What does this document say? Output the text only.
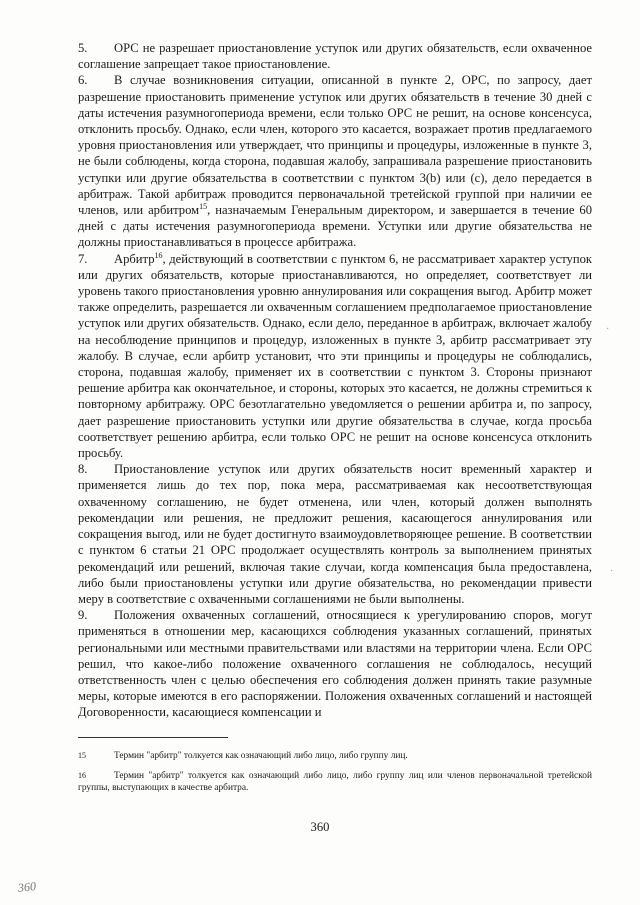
5. ОРС не разрешает приостановление уступок или других обязательств, если охваченное соглашение запрещает такое приостановление.

6. В случае возникновения ситуации, описанной в пункте 2, ОРС, по запросу, дает разрешение приостановить применение уступок или других обязательств в течение 30 дней с даты истечения разумногопериода времени, если только ОРС не решит, на основе консенсуса, отклонить просьбу. Однако, если член, которого это касается, возражает против предлагаемого уровня приостановления или утверждает, что принципы и процедуры, изложенные в пункте 3, не были соблюдены, когда сторона, подавшая жалобу, запрашивала разрешение приостановить уступки или другие обязательства в соответствии с пунктом 3(b) или (с), дело передается в арбитраж. Такой арбитраж проводится первоначальной третейской группой при наличии ее членов, или арбитром$^{15}$, назначаемым Генеральным директором, и завершается в течение 60 дней с даты истечения разумногопериода времени. Уступки или другие обязательства не должны приостанавливаться в процессе арбитража.

7. Арбитр$^{16}$, действующий в соответствии с пунктом 6, не рассматривает характер уступок или других обязательств, которые приостанавливаются, но определяет, соответствует ли уровень такого приостановления уровню аннулирования или сокращения выгод. Арбитр может также определить, разрешается ли охваченным соглашением предполагаемое приостановление уступок или других обязательств. Однако, если дело, переданное в арбитраж, включает жалобу на несоблюдение принципов и процедур, изложенных в пункте 3, арбитр рассматривает эту жалобу. В случае, если арбитр установит, что эти принципы и процедуры не соблюдались, сторона, подавшая жалобу, применяет их в соответствии с пунктом 3. Стороны признают решение арбитра как окончательное, и стороны, которых это касается, не должны стремиться к повторному арбитражу. ОРС безотлагательно уведомляется о решении арбитра и, по запросу, дает разрешение приостановить уступки или другие обязательства в случае, когда просьба соответствует решению арбитра, если только ОРС не решит на основе консенсуса отклонить просьбу.

8. Приостановление уступок или других обязательств носит временный характер и применяется лишь до тех пор, пока мера, рассматриваемая как несоответствующая охваченному соглашению, не будет отменена, или член, который должен выполнять рекомендации или решения, не предложит решения, касающегося аннулирования или сокращения выгод, или не будет достигнуто взаимоудовлетворяющее решение. В соответствии с пунктом 6 статьи 21 ОРС продолжает осуществлять контроль за выполнением принятых рекомендаций или решений, включая такие случаи, когда компенсация была предоставлена, либо были приостановлены уступки или другие обязательства, но рекомендации привести меру в соответствие с охваченными соглашениями не были выполнены.

9. Положения охваченных соглашений, относящиеся к урегулированию споров, могут применяться в отношении мер, касающихся соблюдения указанных соглашений, принятых региональными или местными правительствами или властями на территории члена. Если ОРС решил, что какое-либо положение охваченного соглашения не соблюдалось, несущий ответственность член с целью обеспечения его соблюдения должен принять такие разумные меры, которые имеются в его распоряжении. Положения охваченных соглашений и настоящей Договоренности, касающиеся компенсации и

15	Термин "арбитр" толкуется как означающий либо лицо, либо группу лиц.

16	Термин "арбитр" толкуется как означающий либо лицо, либо группу лиц или членов первоначальной третейской группы, выступающих в качестве арбитра.

360
360
·
·
